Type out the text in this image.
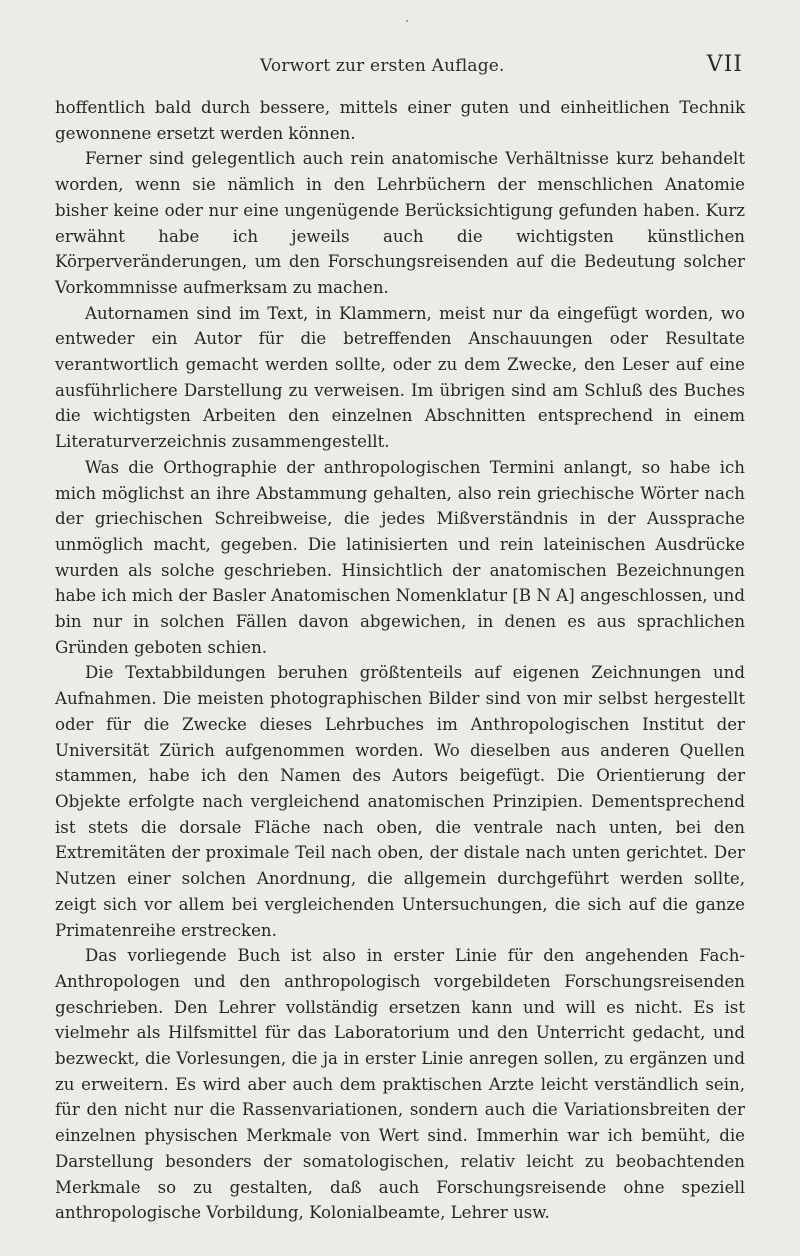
Vorwort zur ersten Auflage.	VII

hoffentlich bald durch bessere, mittels einer guten und einheitlichen Technik gewonnene ersetzt werden können.

Ferner sind gelegentlich auch rein anatomische Verhältnisse kurz behandelt worden, wenn sie nämlich in den Lehrbüchern der menschlichen Anatomie bisher keine oder nur eine ungenügende Berücksichtigung gefunden haben. Kurz erwähnt habe ich jeweils auch die wichtigsten künstlichen Körperveränderungen, um den Forschungsreisenden auf die Bedeutung solcher Vorkommnisse aufmerksam zu machen.

Autornamen sind im Text, in Klammern, meist nur da eingefügt worden, wo entweder ein Autor für die betreffenden Anschauungen oder Resultate verantwortlich gemacht werden sollte, oder zu dem Zwecke, den Leser auf eine ausführlichere Darstellung zu verweisen. Im übrigen sind am Schluß des Buches die wichtigsten Arbeiten den einzelnen Abschnitten entsprechend in einem Literaturverzeichnis zusammengestellt.

Was die Orthographie der anthropologischen Termini anlangt, so habe ich mich möglichst an ihre Abstammung gehalten, also rein griechische Wörter nach der griechischen Schreibweise, die jedes Mißverständnis in der Aussprache unmöglich macht, gegeben. Die latinisierten und rein lateinischen Ausdrücke wurden als solche geschrieben. Hinsichtlich der anatomischen Bezeichnungen habe ich mich der Basler Anatomischen Nomenklatur [B N A] angeschlossen, und bin nur in solchen Fällen davon abgewichen, in denen es aus sprachlichen Gründen geboten schien.

Die Textabbildungen beruhen größtenteils auf eigenen Zeichnungen und Aufnahmen. Die meisten photographischen Bilder sind von mir selbst hergestellt oder für die Zwecke dieses Lehrbuches im Anthropologischen Institut der Universität Zürich aufgenommen worden. Wo dieselben aus anderen Quellen stammen, habe ich den Namen des Autors beigefügt. Die Orientierung der Objekte erfolgte nach vergleichend anatomischen Prinzipien. Dementsprechend ist stets die dorsale Fläche nach oben, die ventrale nach unten, bei den Extremitäten der proximale Teil nach oben, der distale nach unten gerichtet. Der Nutzen einer solchen Anordnung, die allgemein durchgeführt werden sollte, zeigt sich vor allem bei vergleichenden Untersuchungen, die sich auf die ganze Primatenreihe erstrecken.

Das vorliegende Buch ist also in erster Linie für den angehenden Fach-Anthropologen und den anthropologisch vorgebildeten Forschungsreisenden geschrieben. Den Lehrer vollständig ersetzen kann und will es nicht. Es ist vielmehr als Hilfsmittel für das Laboratorium und den Unterricht gedacht, und bezweckt, die Vorlesungen, die ja in erster Linie anregen sollen, zu ergänzen und zu erweitern. Es wird aber auch dem praktischen Arzte leicht verständlich sein, für den nicht nur die Rassenvariationen, sondern auch die Variationsbreiten der einzelnen physischen Merkmale von Wert sind. Immerhin war ich bemüht, die Darstellung besonders der somatologischen, relativ leicht zu beobachtenden Merkmale so zu gestalten, daß auch Forschungsreisende ohne speziell anthropologische Vorbildung, Kolonialbeamte, Lehrer usw.
